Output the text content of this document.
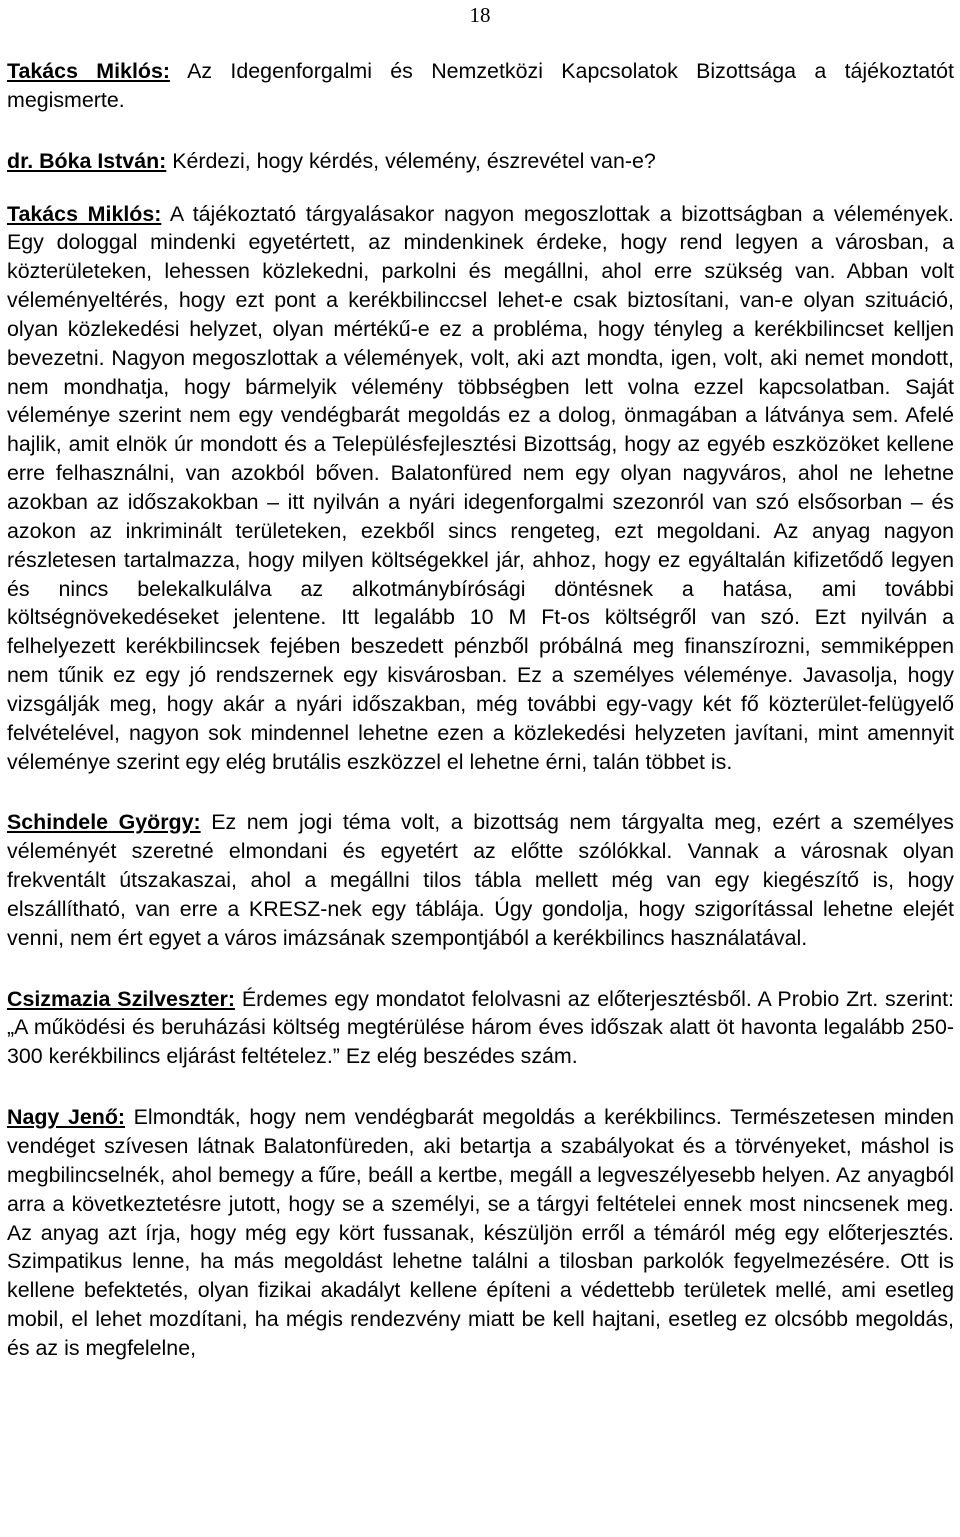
18

Takács Miklós: Az Idegenforgalmi és Nemzetközi Kapcsolatok Bizottsága a tájékoztatót megismerte.

dr. Bóka István: Kérdezi, hogy kérdés, vélemény, észrevétel van-e?

Takács Miklós: A tájékoztató tárgyalásakor nagyon megoszlottak a bizottságban a vélemények. Egy dologgal mindenki egyetértett, az mindenkinek érdeke, hogy rend legyen a városban, a közterületeken, lehessen közlekedni, parkolni és megállni, ahol erre szükség van. Abban volt véleményeltérés, hogy ezt pont a kerékbilinccsel lehet-e csak biztosítani, van-e olyan szituáció, olyan közlekedési helyzet, olyan mértékű-e ez a probléma, hogy tényleg a kerékbilincset kelljen bevezetni. Nagyon megoszlottak a vélemények, volt, aki azt mondta, igen, volt, aki nemet mondott, nem mondhatja, hogy bármelyik vélemény többségben lett volna ezzel kapcsolatban. Saját véleménye szerint nem egy vendégbarát megoldás ez a dolog, önmagában a látványa sem. Afelé hajlik, amit elnök úr mondott és a Településfejlesztési Bizottság, hogy az egyéb eszközöket kellene erre felhasználni, van azokból bőven. Balatonfüred nem egy olyan nagyváros, ahol ne lehetne azokban az időszakokban – itt nyilván a nyári idegenforgalmi szezonról van szó elsősorban – és azokon az inkriminált területeken, ezekből sincs rengeteg, ezt megoldani. Az anyag nagyon részletesen tartalmazza, hogy milyen költségekkel jár, ahhoz, hogy ez egyáltalán kifizetődő legyen és nincs belekalkulálva az alkotmánybírósági döntésnek a hatása, ami további költségnövekedéseket jelentene. Itt legalább 10 M Ft-os költségről van szó. Ezt nyilván a felhelyezett kerékbilincsek fejében beszedett pénzből próbálná meg finanszírozni, semmiképpen nem tűnik ez egy jó rendszernek egy kisvárosban. Ez a személyes véleménye. Javasolja, hogy vizsgálják meg, hogy akár a nyári időszakban, még további egy-vagy két fő közterület-felügyelő felvételével, nagyon sok mindennel lehetne ezen a közlekedési helyzeten javítani, mint amennyit véleménye szerint egy elég brutális eszközzel el lehetne érni, talán többet is.

Schindele György: Ez nem jogi téma volt, a bizottság nem tárgyalta meg, ezért a személyes véleményét szeretné elmondani és egyetért az előtte szólókkal. Vannak a városnak olyan frekventált útszakaszai, ahol a megállni tilos tábla mellett még van egy kiegészítő is, hogy elszállítható, van erre a KRESZ-nek egy táblája. Úgy gondolja, hogy szigorítással lehetne elejét venni, nem ért egyet a város imázsának szempontjából a kerékbilincs használatával.

Csizmazia Szilveszter: Érdemes egy mondatot felolvasni az előterjesztésből. A Probio Zrt. szerint: „A működési és beruházási költség megtérülése három éves időszak alatt öt havonta legalább 250-300 kerékbilincs eljárást feltételez.” Ez elég beszédes szám.

Nagy Jenő: Elmondták, hogy nem vendégbarát megoldás a kerékbilincs. Természetesen minden vendéget szívesen látnak Balatonfüreden, aki betartja a szabályokat és a törvényeket, máshol is megbilincselnék, ahol bemegy a fűre, beáll a kertbe, megáll a legveszélyesebb helyen. Az anyagból arra a következtetésre jutott, hogy se a személyi, se a tárgyi feltételei ennek most nincsenek meg. Az anyag azt írja, hogy még egy kört fussanak, készüljön erről a témáról még egy előterjesztés. Szimpatikus lenne, ha más megoldást lehetne találni a tilosban parkolók fegyelmezésére. Ott is kellene befektetés, olyan fizikai akadályt kellene építeni a védettebb területek mellé, ami esetleg mobil, el lehet mozdítani, ha mégis rendezvény miatt be kell hajtani, esetleg ez olcsóbb megoldás, és az is megfelelne,
